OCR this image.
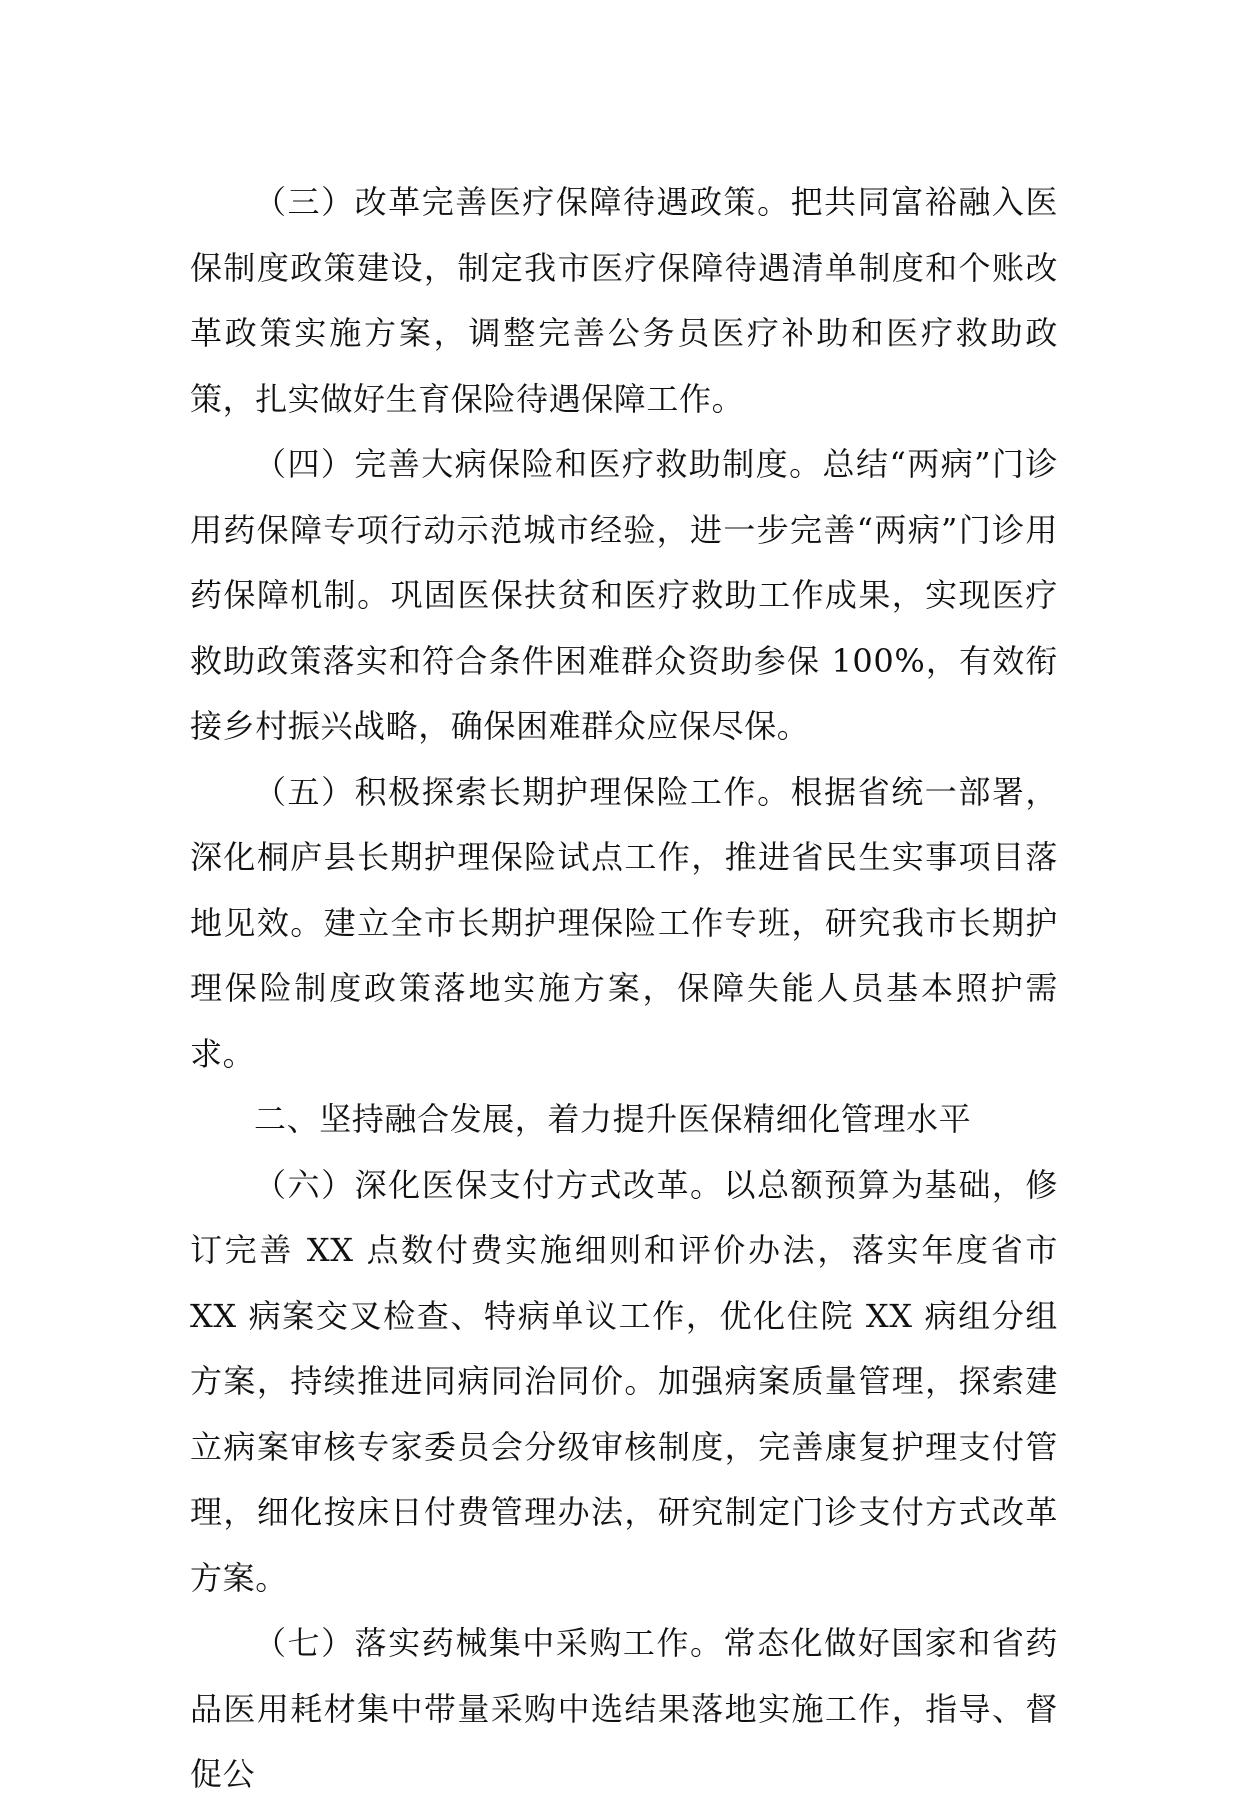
（三）改革完善医疗保障待遇政策。把共同富裕融入医保制度政策建设，制定我市医疗保障待遇清单制度和个账改革政策实施方案，调整完善公务员医疗补助和医疗救助政策，扎实做好生育保险待遇保障工作。

（四）完善大病保险和医疗救助制度。总结“两病”门诊用药保障专项行动示范城市经验，进一步完善“两病”门诊用药保障机制。巩固医保扶贫和医疗救助工作成果，实现医疗救助政策落实和符合条件困难群众资助参保 100%，有效衔接乡村振兴战略，确保困难群众应保尽保。

（五）积极探索长期护理保险工作。根据省统一部署，深化桐庐县长期护理保险试点工作，推进省民生实事项目落地见效。建立全市长期护理保险工作专班，研究我市长期护理保险制度政策落地实施方案，保障失能人员基本照护需求。

二、坚持融合发展，着力提升医保精细化管理水平

（六）深化医保支付方式改革。以总额预算为基础，修订完善 XX 点数付费实施细则和评价办法，落实年度省市 XX 病案交叉检查、特病单议工作，优化住院 XX 病组分组方案，持续推进同病同治同价。加强病案质量管理，探索建立病案审核专家委员会分级审核制度，完善康复护理支付管理，细化按床日付费管理办法，研究制定门诊支付方式改革方案。

（七）落实药械集中采购工作。常态化做好国家和省药品医用耗材集中带量采购中选结果落地实施工作，指导、督促公
